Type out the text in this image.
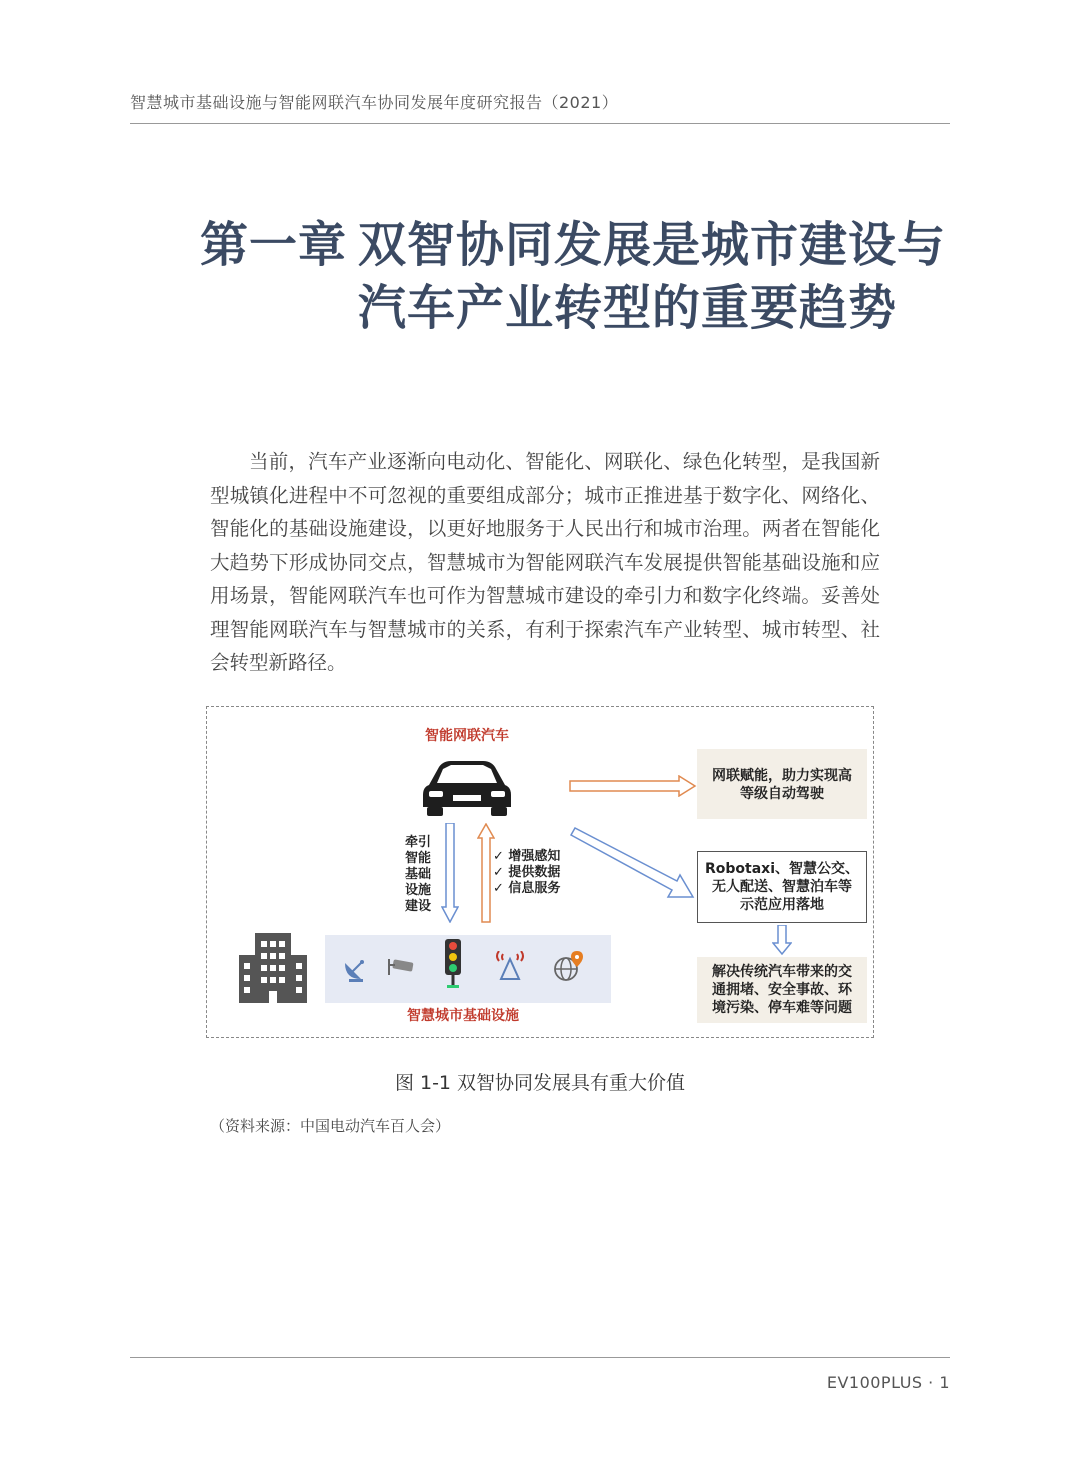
智慧城市基础设施与智能网联汽车协同发展年度研究报告（2021）
第一章 双智协同发展是城市建设与
汽车产业转型的重要趋势

当前，汽车产业逐渐向电动化、智能化、网联化、绿色化转型，是我国新型城镇化进程中不可忽视的重要组成部分；城市正推进基于数字化、网络化、智能化的基础设施建设，以更好地服务于人民出行和城市治理。两者在智能化大趋势下形成协同交点，智慧城市为智能网联汽车发展提供智能基础设施和应用场景，智能网联汽车也可作为智慧城市建设的牵引力和数字化终端。妥善处理智能网联汽车与智慧城市的关系，有利于探索汽车产业转型、城市转型、社会转型新路径。

智能网联汽车
牵引
智能
基础
设施
建设
✓ 增强感知
✓ 提供数据
✓ 信息服务
网联赋能，助力实现高
等级自动驾驶
Robotaxi、智慧公交、
无人配送、智慧泊车等
示范应用落地
解决传统汽车带来的交
通拥堵、安全事故、环
境污染、停车难等问题
智慧城市基础设施
图 1-1 双智协同发展具有重大价值
（资料来源：中国电动汽车百人会）
EV100PLUS · 1
